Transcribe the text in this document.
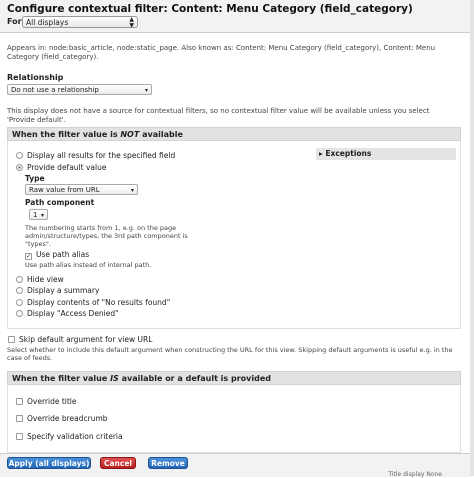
Configure contextual filter: Content: Menu Category (field_category)
For All displays	▲
▼
Appears in: node:basic_article, node:static_page. Also known as: Content: Menu Category (field_category), Content: Menu Category (field_category).
Relationship
Do not use a relationship	▾
This display does not have a source for contextual filters, so no contextual filter value will be available unless you select 'Provide default'.
When the filter value is NOT available
▸ Exceptions
Display all results for the specified field
Provide default value
Type
Raw value from URL	▾
Path component
1 ▾
The numbering starts from 1, e.g. on the page admin/structure/types, the 3rd path component is "types".
✓ Use path alias
Use path alias instead of internal path.
Hide view
Display a summary
Display contents of "No results found"
Display "Access Denied"
Skip default argument for view URL
Select whether to include this default argument when constructing the URL for this view. Skipping default arguments is useful e.g. in the case of feeds.
When the filter value IS available or a default is provided
Override title
Override breadcrumb
Specify validation criteria
Apply (all displays)	Cancel	Remove
Title display None
